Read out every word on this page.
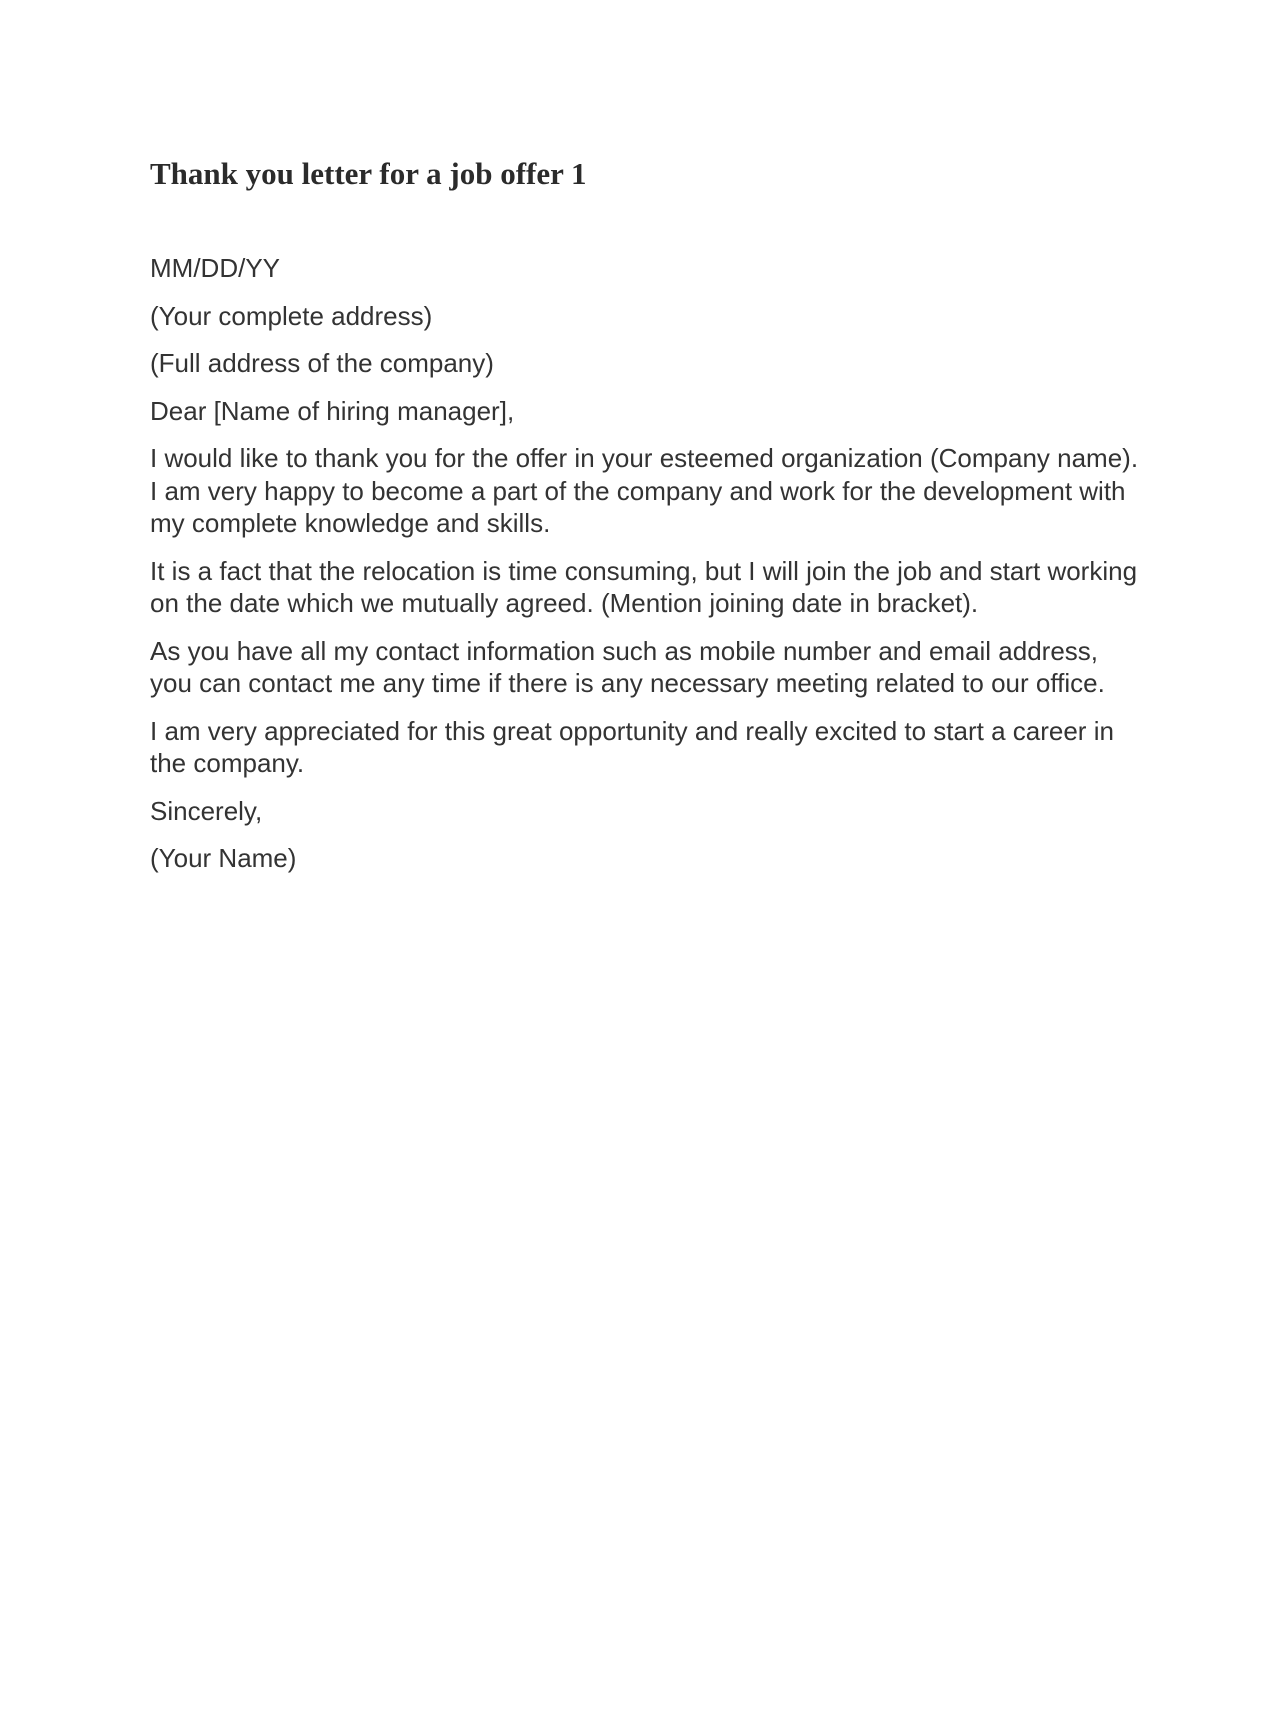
Thank you letter for a job offer 1

MM/DD/YY

(Your complete address)

(Full address of the company)

Dear [Name of hiring manager],

I would like to thank you for the offer in your esteemed organization (Company name). I am very happy to become a part of the company and work for the development with my complete knowledge and skills.

It is a fact that the relocation is time consuming, but I will join the job and start working on the date which we mutually agreed. (Mention joining date in bracket).

As you have all my contact information such as mobile number and email address, you can contact me any time if there is any necessary meeting related to our office.

I am very appreciated for this great opportunity and really excited to start a career in the company.

Sincerely,

(Your Name)
